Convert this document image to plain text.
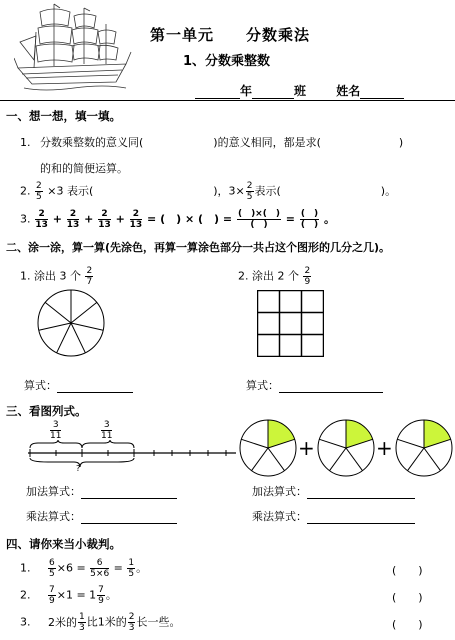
第一单元　　分数乘法
1、分数乘整数
年	班	姓名
一、想一想，填一填。
1. 分数乘整数的意义同(	)的意义相同，都是求(	)
的和的简便运算。
2. $\frac{2}{5} \times 3$ 表示(	)，$3\times \frac{2}{5}$ 表示(	)。
3. $\frac{2}{13} + \frac{2}{13} + \frac{2}{13} + \frac{2}{13}$ = (　) × (　) = $\frac{( )\times( )}{( )} = \frac{( )}{( )}$ 。
二、涂一涂，算一算(先涂色，再算一算涂色部分一共占这个图形的几分之几)。
1. 涂出 3 个 $\frac{2}{7}$	2. 涂出 2 个 $\frac{2}{9}$
算式：	算式：
三、看图列式。
$\frac{3}{11}$	$\frac{3}{11}$
?
+	+
加法算式：
乘法算式：
加法算式：
乘法算式：
四、请你来当小裁判。
1. $\frac{6}{5} \times 6 = \frac{6}{5\times 6} = \frac{1}{5}$ 。	(　　)
2. $\frac{7}{9} \times 1 = 1 \frac{7}{9}$ 。	(　　)
3. 2米的 $\frac{1}{3}$ 比1米的 $\frac{2}{3}$ 长一些。	(　　)
